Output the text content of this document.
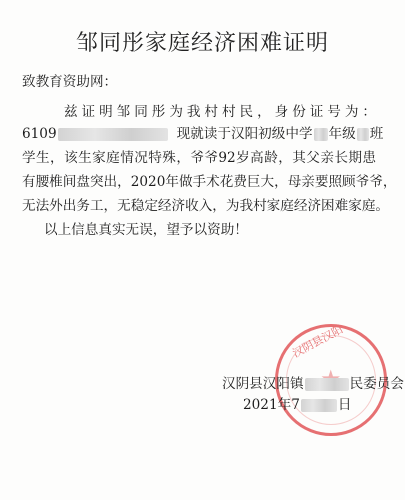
邹同彤家庭经济困难证明
致教育资助网：
兹证明邹同彤为我村村民，身份证号为：
6109	现就读于汉阳初级中学 年级 班
学生，该生家庭情况特殊，爷爷92岁高龄，其父亲长期患
有腰椎间盘突出，2020年做手术花费巨大，母亲要照顾爷爷，
无法外出务工，无稳定经济收入，为我村家庭经济困难家庭。
以上信息真实无误，望予以资助！
汉阴县汉阳
汉阴县汉阳镇	民委员会
2021年7	日
